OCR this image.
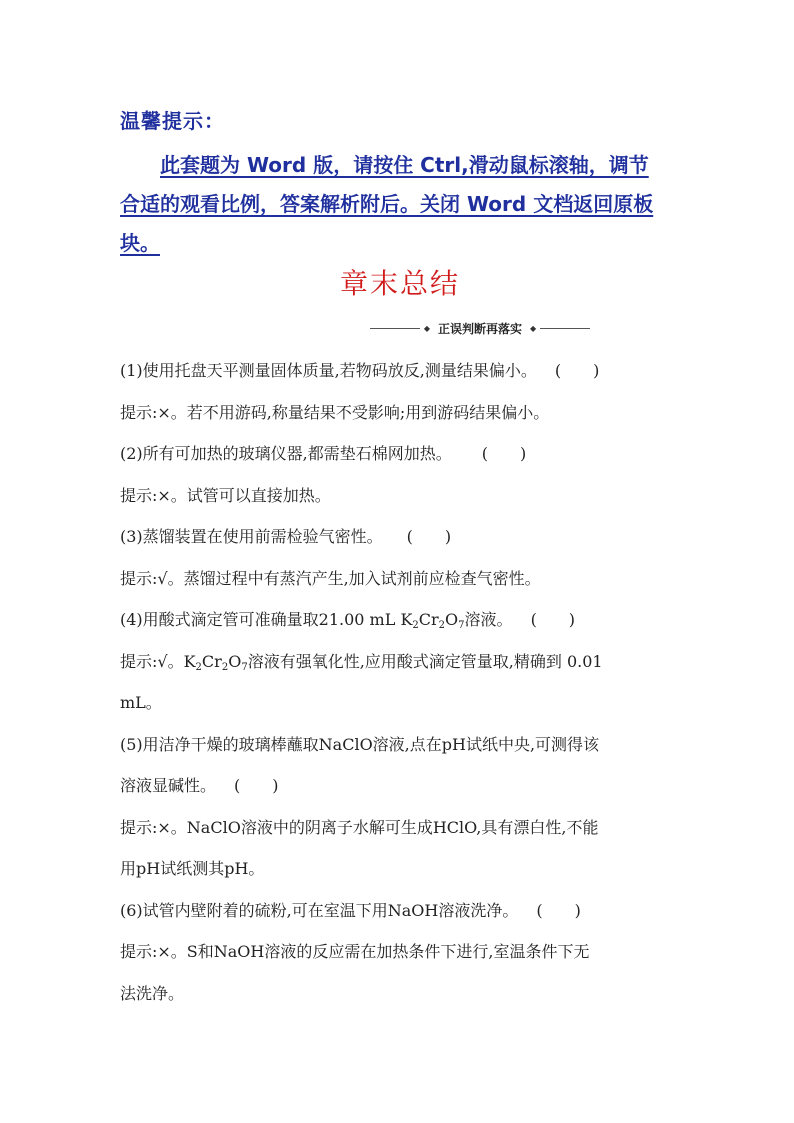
温馨提示：
此套题为 Word 版，请按住 Ctrl,滑动鼠标滚轴，调节
合适的观看比例，答案解析附后。关闭 Word 文档返回原板
块。
章末总结
◆ 正误判断再落实 ◆
(1)使用托盘天平测量固体质量,若物码放反,测量结果偏小。 (　　)
提示:×。若不用游码,称量结果不受影响;用到游码结果偏小。
(2)所有可加热的玻璃仪器,都需垫石棉网加热。 (　　)
提示:×。试管可以直接加热。
(3)蒸馏装置在使用前需检验气密性。 (　　)
提示:√。蒸馏过程中有蒸汽产生,加入试剂前应检查气密性。
(4)用酸式滴定管可准确量取21.00 mL $K_2Cr_2O_7$溶液。 (　　)
提示:√。$K_2Cr_2O_7$溶液有强氧化性,应用酸式滴定管量取,精确到 0.01
mL。
(5)用洁净干燥的玻璃棒蘸取NaClO溶液,点在pH试纸中央,可测得该
溶液显碱性。 (　　)
提示:×。NaClO溶液中的阴离子水解可生成HClO,具有漂白性,不能
用pH试纸测其pH。
(6)试管内壁附着的硫粉,可在室温下用NaOH溶液洗净。 (　　)
提示:×。S和NaOH溶液的反应需在加热条件下进行,室温条件下无
法洗净。
